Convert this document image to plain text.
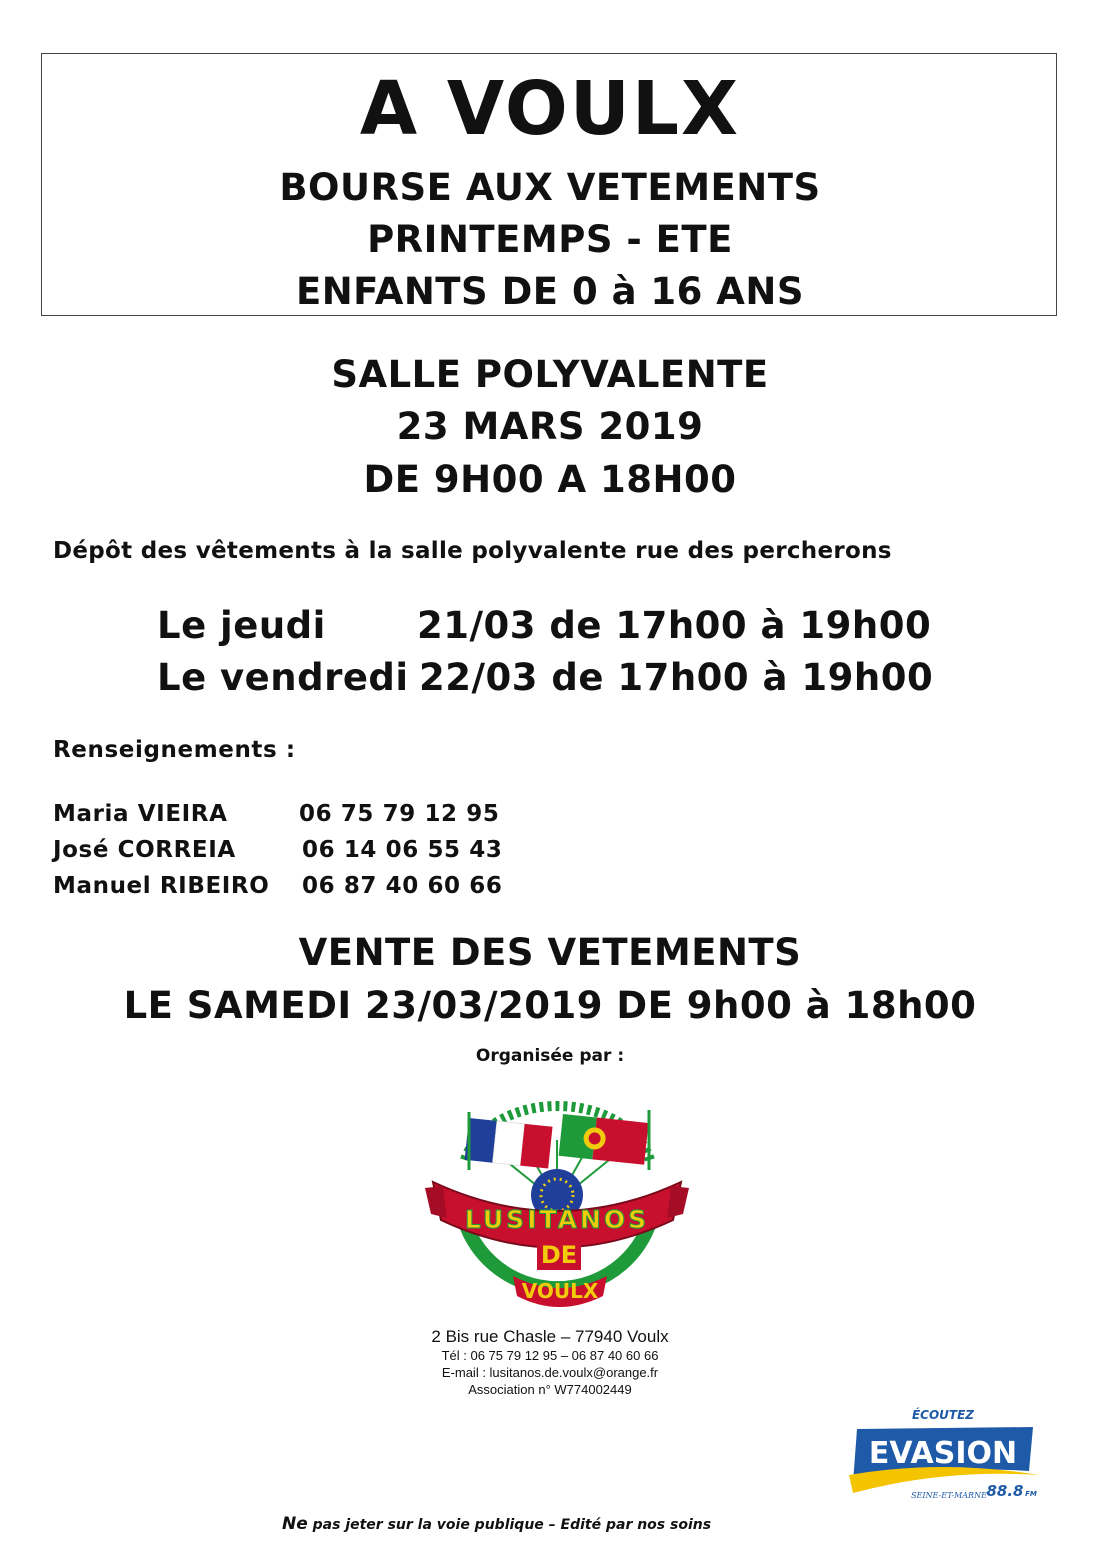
A VOULX
BOURSE AUX VETEMENTS
PRINTEMPS - ETE
ENFANTS DE 0 à 16 ANS
SALLE POLYVALENTE
23 MARS 2019
DE 9H00 A 18H00
Dépôt des vêtements à la salle polyvalente rue des percherons
Le jeudi 21/03 de 17h00 à 19h00
Le vendredi 22/03 de 17h00 à 19h00
Renseignements :
Maria VIEIRA	06 75 79 12 95
José CORREIA	06 14 06 55 43
Manuel RIBEIRO 06 87 40 60 66
VENTE DES VETEMENTS
LE SAMEDI 23/03/2019 DE 9h00 à 18h00
Organisée par :
LUSITANOS
DE
VOULX
2 Bis rue Chasle – 77940 Voulx
Tél : 06 75 79 12 95 – 06 87 40 60 66
E-mail : lusitanos.de.voulx@orange.fr
Association n° W774002449
ÉCOUTEZ
EVASION
SEINE-ET-MARNE 88.8 FM
Ne pas jeter sur la voie publique – Edité par nos soins
